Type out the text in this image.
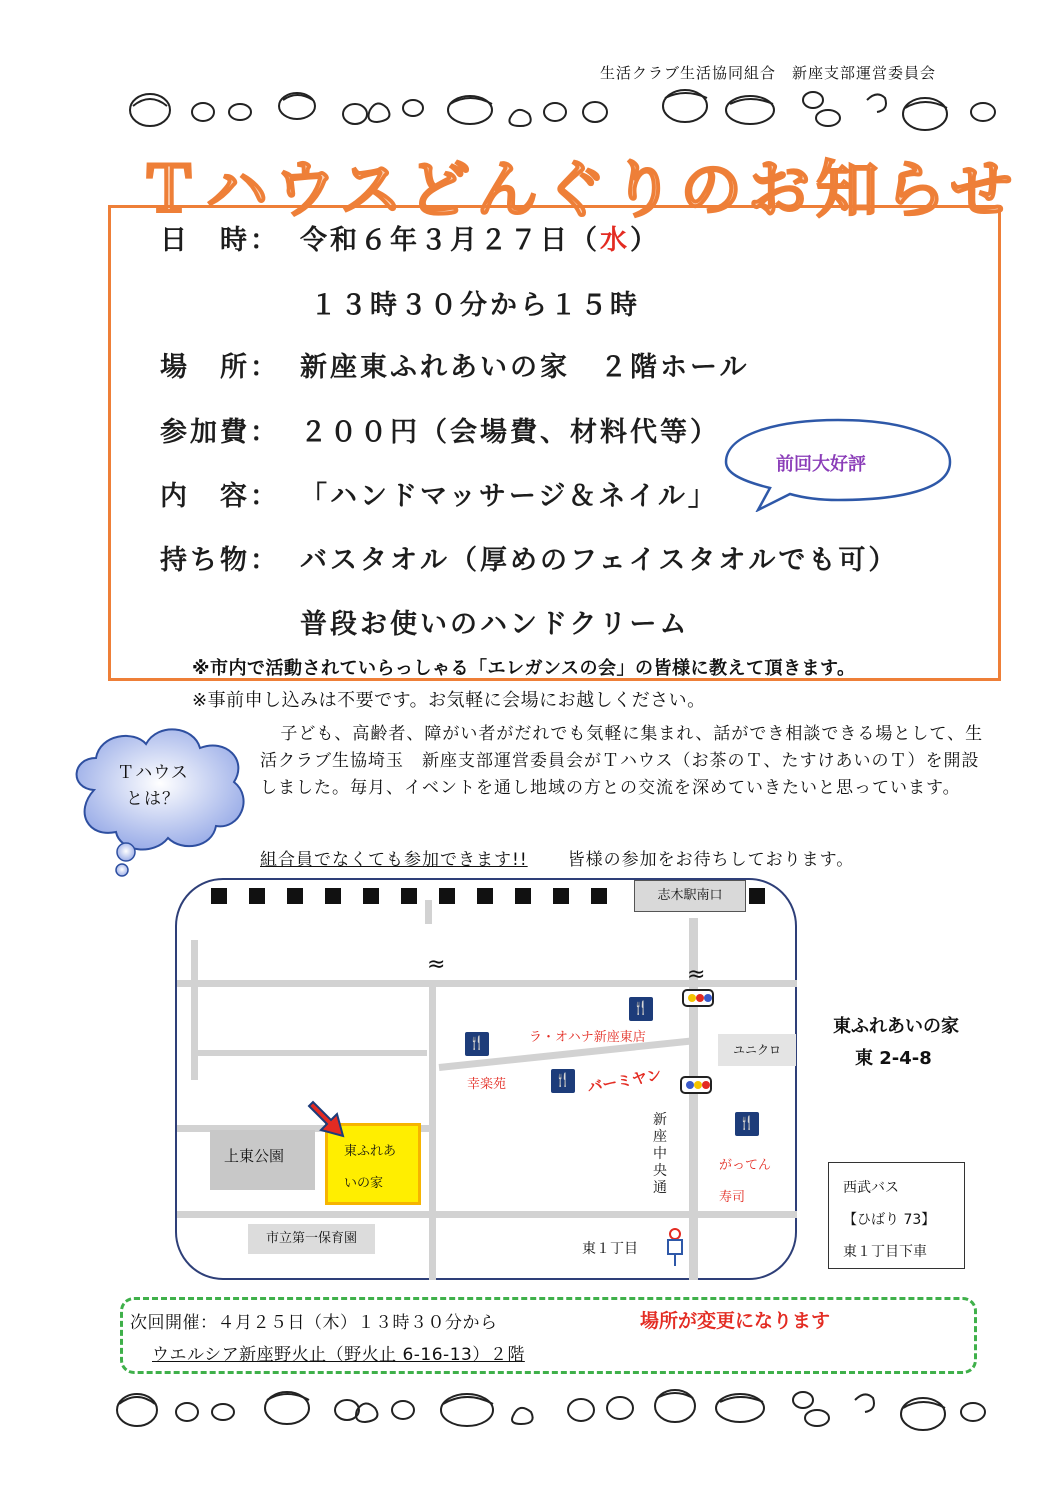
生活クラブ生活協同組合　新座支部運営委員会
Ｔハウスどんぐりのお知らせ
日　時： 令和６年３月２７日（水）
１３時３０分から１５時
場　所： 新座東ふれあいの家　２階ホール
参加費： ２００円（会場費、材料代等）
内　容： 「ハンドマッサージ＆ネイル」
持ち物： バスタオル（厚めのフェイスタオルでも可）
普段お使いのハンドクリーム
前回大好評
※市内で活動されていらっしゃる「エレガンスの会」の皆様に教えて頂きます。
※事前申し込みは不要です。お気軽に会場にお越しください。
Ｔハウス
とは？
子ども、高齢者、障がい者がだれでも気軽に集まれ、話ができ相談できる場として、生活クラブ生協埼玉　新座支部運営委員会がＴハウス（お茶のＴ、たすけあいのＴ）を開設しました。毎月、イベントを通し地域の方との交流を深めていきたいと思っています。
組合員でなくても参加できます!! 皆様の参加をお待ちしております。
志木駅南口
≈	≈
🍴
ラ・オハナ新座東店
ユニクロ
🍴
幸楽苑	🍴 バーミヤン
新
座
中
央
通
🍴
がってん
寿司
上東公園	東ふれあ
いの家
市立第一保育園
東１丁目
東ふれあいの家
東 2-4-8
西武バス
【ひばり 73】
東１丁目下車
次回開催：４月２５日（木）１３時３０分から	場所が変更になります
ウエルシア新座野火止（野火止 6-16-13）２階
